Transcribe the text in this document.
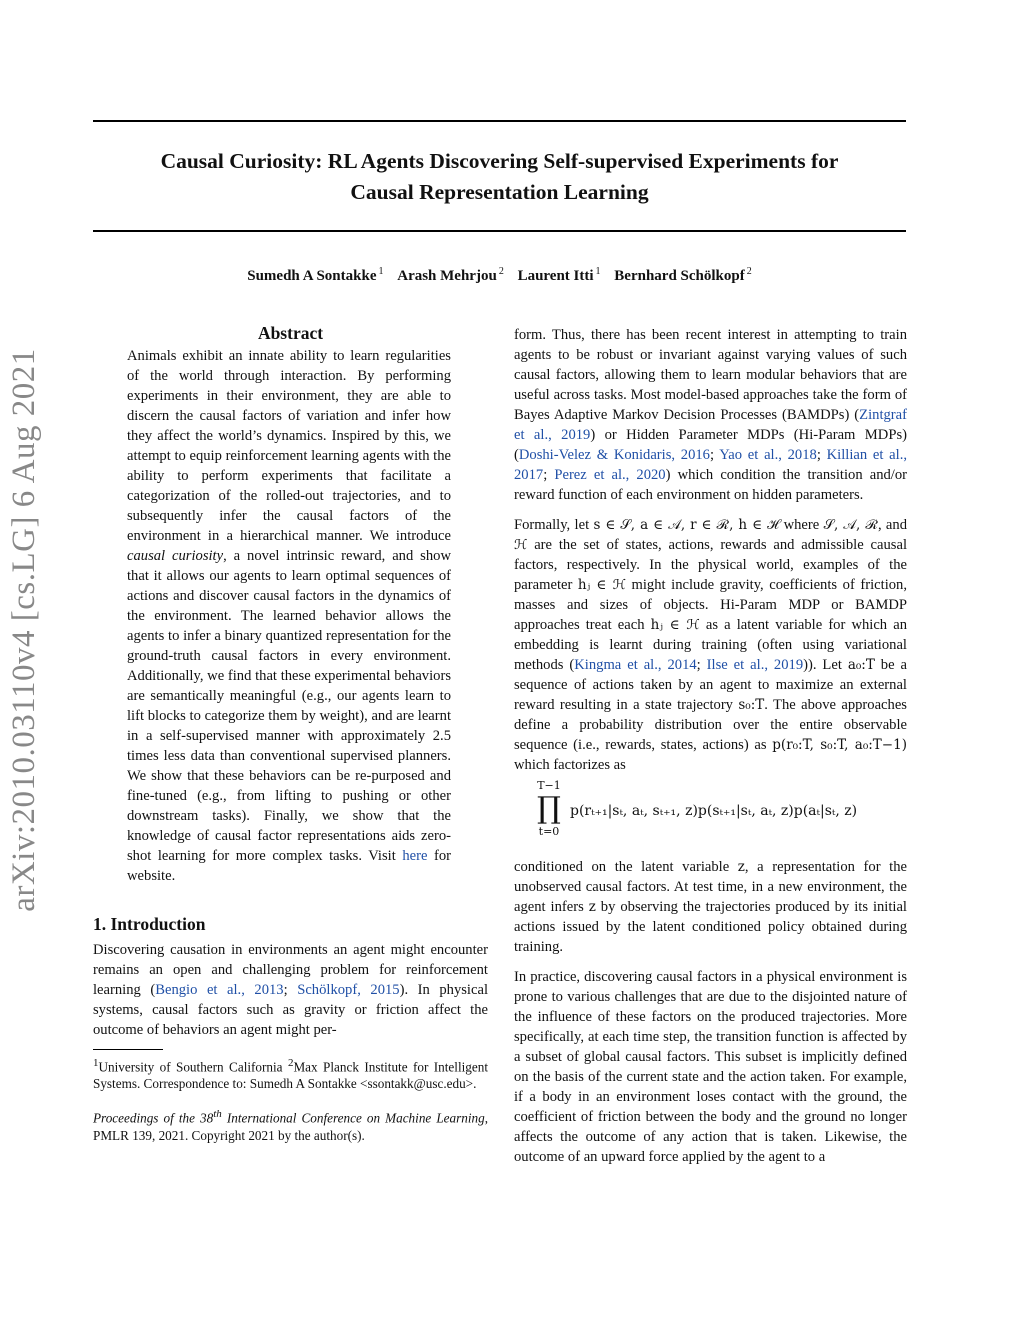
Causal Curiosity: RL Agents Discovering Self-supervised Experiments for
Causal Representation Learning
Sumedh A Sontakke $^1$ Arash Mehrjou $^2$ Laurent Itti $^1$ Bernhard Schölkopf $^2$
arXiv:2010.03110v4 [cs.LG] 6 Aug 2021
Abstract
Animals exhibit an innate ability to learn regularities of the world through interaction. By performing experiments in their environment, they are able to discern the causal factors of variation and infer how they affect the world’s dynamics. Inspired by this, we attempt to equip reinforcement learning agents with the ability to perform experiments that facilitate a categorization of the rolled-out trajectories, and to subsequently infer the causal factors of the environment in a hierarchical manner. We introduce causal curiosity, a novel intrinsic reward, and show that it allows our agents to learn optimal sequences of actions and discover causal factors in the dynamics of the environment. The learned behavior allows the agents to infer a binary quantized representation for the ground-truth causal factors in every environment. Additionally, we find that these experimental behaviors are semantically meaningful (e.g., our agents learn to lift blocks to categorize them by weight), and are learnt in a self-supervised manner with approximately 2.5 times less data than conventional supervised planners. We show that these behaviors can be re-purposed and fine-tuned (e.g., from lifting to pushing or other downstream tasks). Finally, we show that the knowledge of causal factor representations aids zero-shot learning for more complex tasks. Visit here for website.
1. Introduction

Discovering causation in environments an agent might encounter remains an open and challenging problem for reinforcement learning (Bengio et al., 2013; Schölkopf, 2015). In physical systems, causal factors such as gravity or friction affect the outcome of behaviors an agent might per-

$^1$University of Southern California $^2$Max Planck Institute for Intelligent Systems. Correspondence to: Sumedh A Sontakke <ssontakk@usc.edu>.
Proceedings of the 38th International Conference on Machine Learning, PMLR 139, 2021. Copyright 2021 by the author(s).

form. Thus, there has been recent interest in attempting to train agents to be robust or invariant against varying values of such causal factors, allowing them to learn modular behaviors that are useful across tasks. Most model-based approaches take the form of Bayes Adaptive Markov Decision Processes (BAMDPs) (Zintgraf et al., 2019) or Hidden Parameter MDPs (Hi-Param MDPs) (Doshi-Velez & Konidaris, 2016; Yao et al., 2018; Killian et al., 2017; Perez et al., 2020) which condition the transition and/or reward function of each environment on hidden parameters.

Formally, let s ∈ 𝒮, a ∈ 𝒜, r ∈ ℛ, h ∈ ℋ where 𝒮, 𝒜, ℛ, and ℋ are the set of states, actions, rewards and admissible causal factors, respectively. In the physical world, examples of the parameter hⱼ ∈ ℋ might include gravity, coefficients of friction, masses and sizes of objects. Hi-Param MDP or BAMDP approaches treat each hⱼ ∈ ℋ as a latent variable for which an embedding is learnt during training (often using variational methods (Kingma et al., 2014; Ilse et al., 2019)). Let a₀:T be a sequence of actions taken by an agent to maximize an external reward resulting in a state trajectory s₀:T. The above approaches define a probability distribution over the entire observable sequence (i.e., rewards, states, actions) as p(r₀:T, s₀:T, a₀:T−1) which factorizes as

T−1
∏
t=0
p(rₜ₊₁|sₜ, aₜ, sₜ₊₁, z)p(sₜ₊₁|sₜ, aₜ, z)p(aₜ|sₜ, z)

conditioned on the latent variable z, a representation for the unobserved causal factors. At test time, in a new environment, the agent infers z by observing the trajectories produced by its initial actions issued by the latent conditioned policy obtained during training.

In practice, discovering causal factors in a physical environment is prone to various challenges that are due to the disjointed nature of the influence of these factors on the produced trajectories. More specifically, at each time step, the transition function is affected by a subset of global causal factors. This subset is implicitly defined on the basis of the current state and the action taken. For example, if a body in an environment loses contact with the ground, the coefficient of friction between the body and the ground no longer affects the outcome of any action that is taken. Likewise, the outcome of an upward force applied by the agent to a
